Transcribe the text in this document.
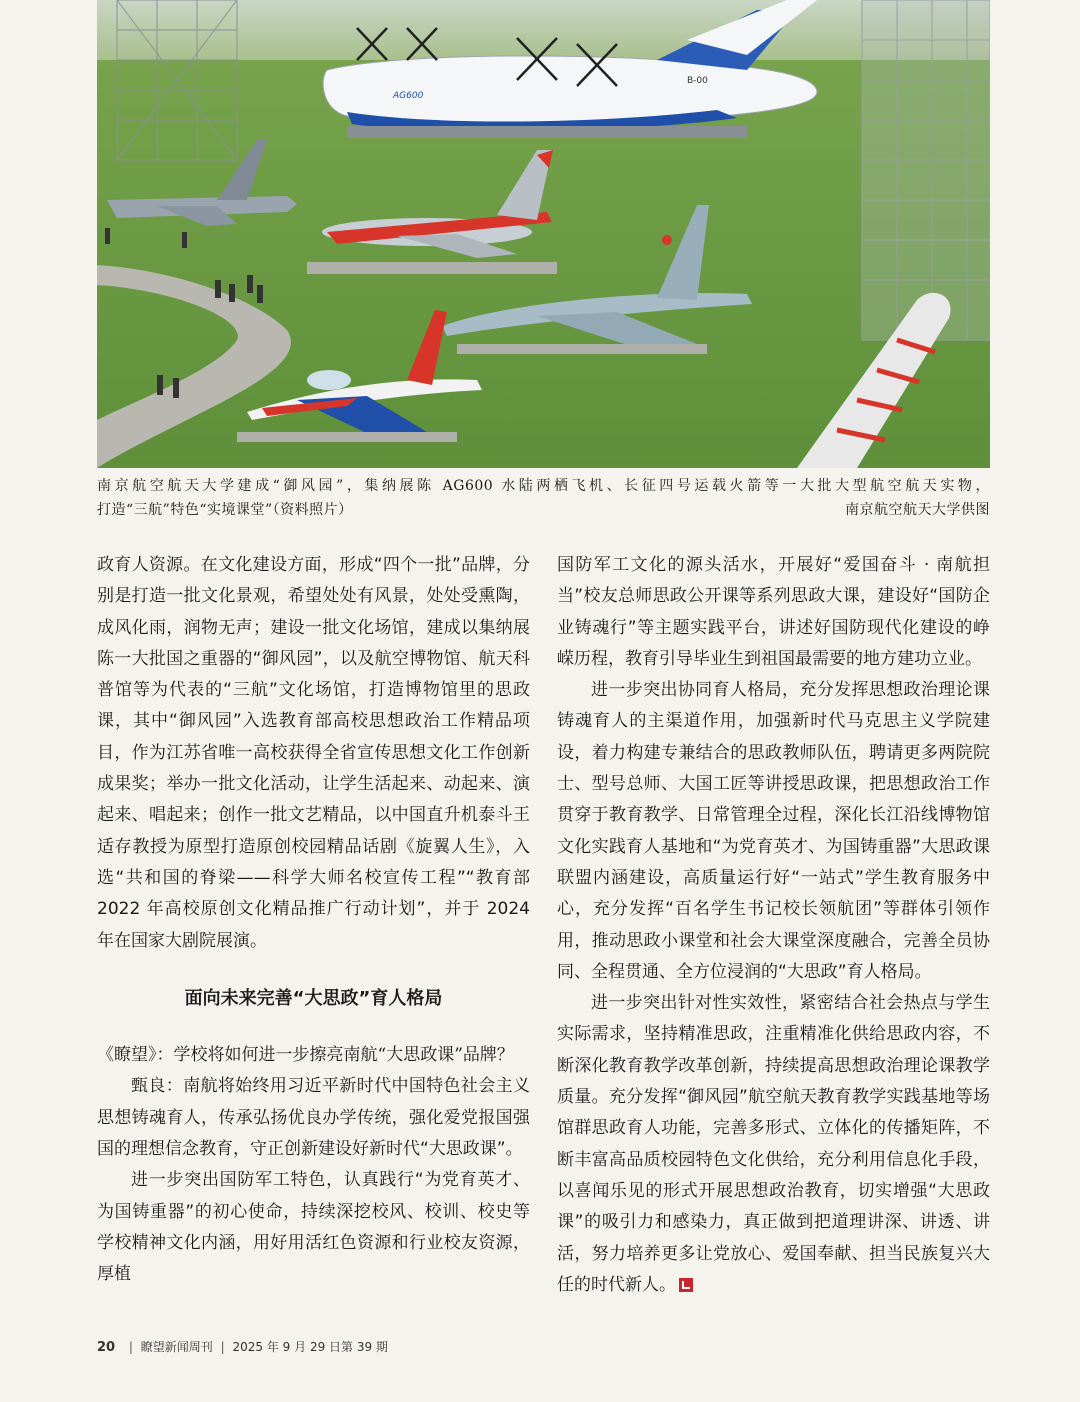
AG600
B-00
南京航空航天大学建成“御风园”，集纳展陈 AG600 水陆两栖飞机、长征四号运载火箭等一大批大型航空航天实物，
打造“三航”特色“实境课堂”（资料照片）	南京航空航天大学供图

政育人资源。在文化建设方面，形成“四个一批”品牌，分别是打造一批文化景观，希望处处有风景，处处受熏陶，成风化雨，润物无声；建设一批文化场馆，建成以集纳展陈一大批国之重器的“御风园”，以及航空博物馆、航天科普馆等为代表的“三航”文化场馆，打造博物馆里的思政课，其中“御风园”入选教育部高校思想政治工作精品项目，作为江苏省唯一高校获得全省宣传思想文化工作创新成果奖；举办一批文化活动，让学生活起来、动起来、演起来、唱起来；创作一批文艺精品，以中国直升机泰斗王适存教授为原型打造原创校园精品话剧《旋翼人生》，入选“共和国的脊梁——科学大师名校宣传工程”“教育部 2022 年高校原创文化精品推广行动计划”，并于 2024 年在国家大剧院展演。

面向未来完善“大思政”育人格局

《瞭望》：学校将如何进一步擦亮南航“大思政课”品牌？

甄良：南航将始终用习近平新时代中国特色社会主义思想铸魂育人，传承弘扬优良办学传统，强化爱党报国强国的理想信念教育，守正创新建设好新时代“大思政课”。

进一步突出国防军工特色，认真践行“为党育英才、为国铸重器”的初心使命，持续深挖校风、校训、校史等学校精神文化内涵，用好用活红色资源和行业校友资源，厚植

国防军工文化的源头活水，开展好“爱国奋斗 · 南航担当”校友总师思政公开课等系列思政大课，建设好“国防企业铸魂行”等主题实践平台，讲述好国防现代化建设的峥嵘历程，教育引导毕业生到祖国最需要的地方建功立业。

进一步突出协同育人格局，充分发挥思想政治理论课铸魂育人的主渠道作用，加强新时代马克思主义学院建设，着力构建专兼结合的思政教师队伍，聘请更多两院院士、型号总师、大国工匠等讲授思政课，把思想政治工作贯穿于教育教学、日常管理全过程，深化长江沿线博物馆文化实践育人基地和“为党育英才、为国铸重器”大思政课联盟内涵建设，高质量运行好“一站式”学生教育服务中心，充分发挥“百名学生书记校长领航团”等群体引领作用，推动思政小课堂和社会大课堂深度融合，完善全员协同、全程贯通、全方位浸润的“大思政”育人格局。

进一步突出针对性实效性，紧密结合社会热点与学生实际需求，坚持精准思政，注重精准化供给思政内容，不断深化教育教学改革创新，持续提高思想政治理论课教学质量。充分发挥“御风园”航空航天教育教学实践基地等场馆群思政育人功能，完善多形式、立体化的传播矩阵，不断丰富高品质校园特色文化供给，充分利用信息化手段，以喜闻乐见的形式开展思想政治教育，切实增强“大思政课”的吸引力和感染力，真正做到把道理讲深、讲透、讲活，努力培养更多让党放心、爱国奉献、担当民族复兴大任的时代新人。

20 | 瞭望新闻周刊 | 2025 年 9 月 29 日第 39 期
